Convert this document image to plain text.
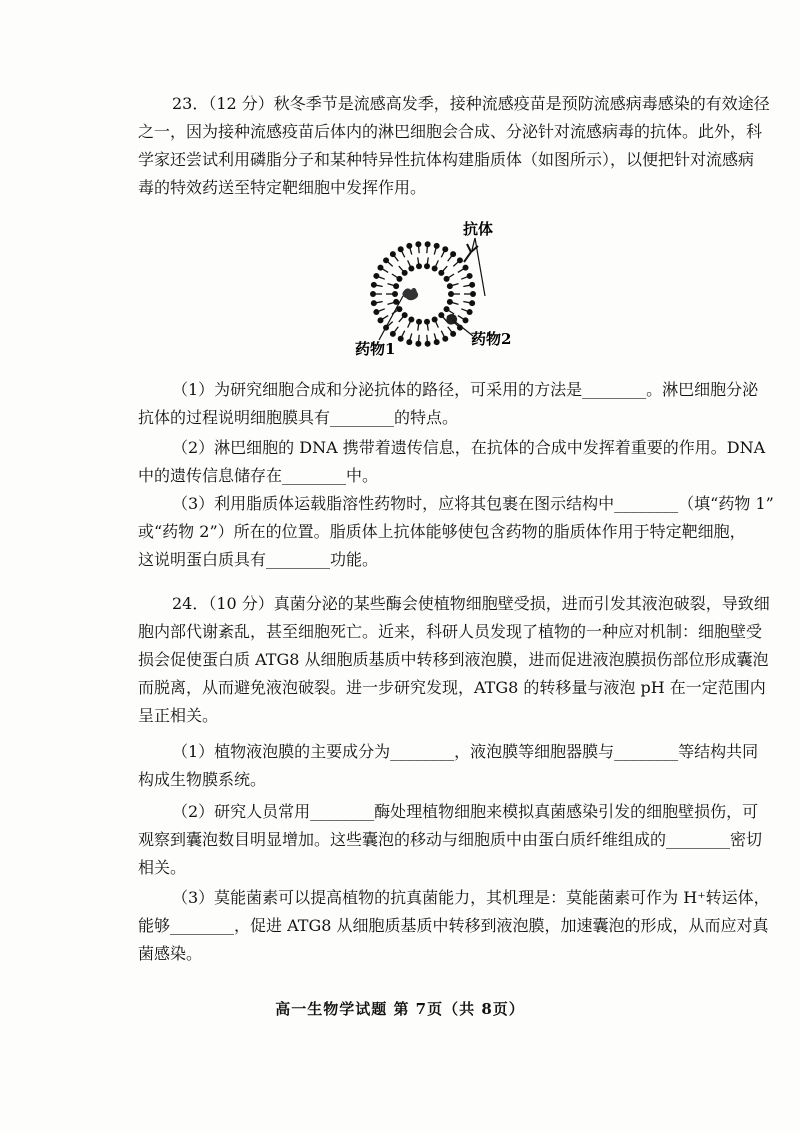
23．（12 分）秋冬季节是流感高发季，接种流感疫苗是预防流感病毒感染的有效途径
之一，因为接种流感疫苗后体内的淋巴细胞会合成、分泌针对流感病毒的抗体。此外，科
学家还尝试利用磷脂分子和某种特异性抗体构建脂质体（如图所示），以便把针对流感病
毒的特效药送至特定靶细胞中发挥作用。
抗体
药物1
药物2
（1）为研究细胞合成和分泌抗体的路径，可采用的方法是________。淋巴细胞分泌
抗体的过程说明细胞膜具有________的特点。
（2）淋巴细胞的 DNA 携带着遗传信息，在抗体的合成中发挥着重要的作用。DNA
中的遗传信息储存在________中。
（3）利用脂质体运载脂溶性药物时，应将其包裹在图示结构中________（填“药物 1”
或“药物 2”）所在的位置。脂质体上抗体能够使包含药物的脂质体作用于特定靶细胞，
这说明蛋白质具有________功能。
24．（10 分）真菌分泌的某些酶会使植物细胞壁受损，进而引发其液泡破裂，导致细
胞内部代谢紊乱，甚至细胞死亡。近来，科研人员发现了植物的一种应对机制：细胞壁受
损会促使蛋白质 ATG8 从细胞质基质中转移到液泡膜，进而促进液泡膜损伤部位形成囊泡
而脱离，从而避免液泡破裂。进一步研究发现，ATG8 的转移量与液泡 pH 在一定范围内
呈正相关。
（1）植物液泡膜的主要成分为________，液泡膜等细胞器膜与________等结构共同
构成生物膜系统。
（2）研究人员常用________酶处理植物细胞来模拟真菌感染引发的细胞壁损伤，可
观察到囊泡数目明显增加。这些囊泡的移动与细胞质中由蛋白质纤维组成的________密切
相关。
（3）莫能菌素可以提高植物的抗真菌能力，其机理是：莫能菌素可作为 H⁺转运体，
能够________，促进 ATG8 从细胞质基质中转移到液泡膜，加速囊泡的形成，从而应对真
菌感染。
高一生物学试题 第 7页（共 8页）
